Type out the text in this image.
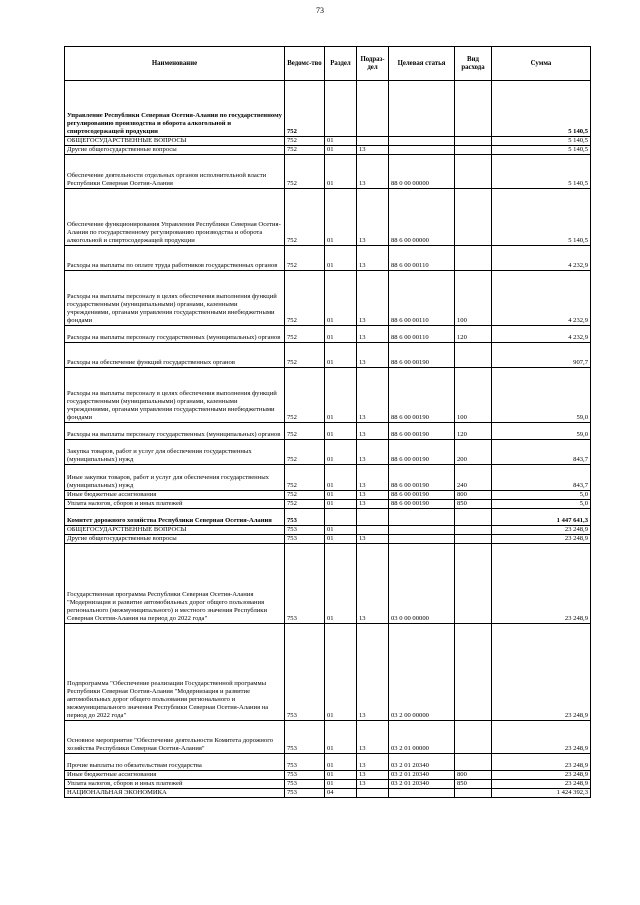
73
Наименование	Ведомс-тво	Раздел	Подраз-дел	Целевая статья	Вид расхода	Сумма
Управление Республики Северная Осетия-Алания по государственному регулированию производства и оборота алкогольной и спиртосодержащей продукции	752					5 140,5
ОБЩЕГОСУДАРСТВЕННЫЕ ВОПРОСЫ	752	01				5 140,5
Другие общегосударственные вопросы	752	01	13			5 140,5
Обеспечение деятельности отдельных органов исполнительной власти Республики Северная Осетия-Алания	752	01	13	88 0 00 00000		5 140,5
Обеспечение функционирования Управления Республики Северная Осетия- Алания по государственному регулированию производства и оборота алкогольной и спиртосодержащей продукции	752	01	13	88 6 00 00000		5 140,5
Расходы на выплаты по оплате труда работников государственных органов	752	01	13	88 6 00 00110		4 232,9
Расходы на выплаты персоналу в целях обеспечения выполнения функций государственными (муниципальными) органами, казенными учреждениями, органами управления государственными внебюджетными фондами	752	01	13	88 6 00 00110	100	4 232,9
Расходы на выплаты персоналу государственных (муниципальных) органов	752	01	13	88 6 00 00110	120	4 232,9
Расходы на обеспечение функций государственных органов	752	01	13	88 6 00 00190		907,7
Расходы на выплаты персоналу в целях обеспечения выполнения функций государственными (муниципальными) органами, казенными учреждениями, органами управления государственными внебюджетными фондами	752	01	13	88 6 00 00190	100	59,0
Расходы на выплаты персоналу государственных (муниципальных) органов	752	01	13	88 6 00 00190	120	59,0
Закупка товаров, работ и услуг для обеспечения государственных (муниципальных) нужд	752	01	13	88 6 00 00190	200	843,7
Иные закупки товаров, работ и услуг для обеспечения государственных (муниципальных) нужд	752	01	13	88 6 00 00190	240	843,7
Иные бюджетные ассигнования	752	01	13	88 6 00 00190	800	5,0
Уплата налогов, сборов и иных платежей	752	01	13	88 6 00 00190	850	5,0
Комитет дорожного хозяйства Республики Северная Осетия-Алания	753					1 447 641,3
ОБЩЕГОСУДАРСТВЕННЫЕ ВОПРОСЫ	753	01				23 248,9
Другие общегосударственные вопросы	753	01	13			23 248,9
Государственная программа Республики Северная Осетия-Алания "Модернизация и развитие автомобильных дорог общего пользования регионального (межмуниципального) и местного значения Республики Северная Осетия-Алания на период до 2022 года"	753	01	13	03 0 00 00000		23 248,9
Подпрограмма "Обеспечение реализации Государственной программы Республики Северная Осетия-Алания "Модернизация и развитие автомобильных дорог общего пользования регионального и межмуниципального значения Республики Северная Осетия-Алания на период до 2022 года"	753	01	13	03 2 00 00000		23 248,9
Основное мероприятие "Обеспечение деятельности Комитета дорожного хозяйства Республики Северная Осетия-Алания"	753	01	13	03 2 01 00000		23 248,9
Прочие выплаты по обязательствам государства	753	01	13	03 2 01 20340		23 248,9
Иные бюджетные ассигнования	753	01	13	03 2 01 20340	800	23 248,9
Уплата налогов, сборов и иных платежей	753	01	13	03 2 01 20340	850	23 248,9
НАЦИОНАЛЬНАЯ ЭКОНОМИКА	753	04				1 424 392,3
